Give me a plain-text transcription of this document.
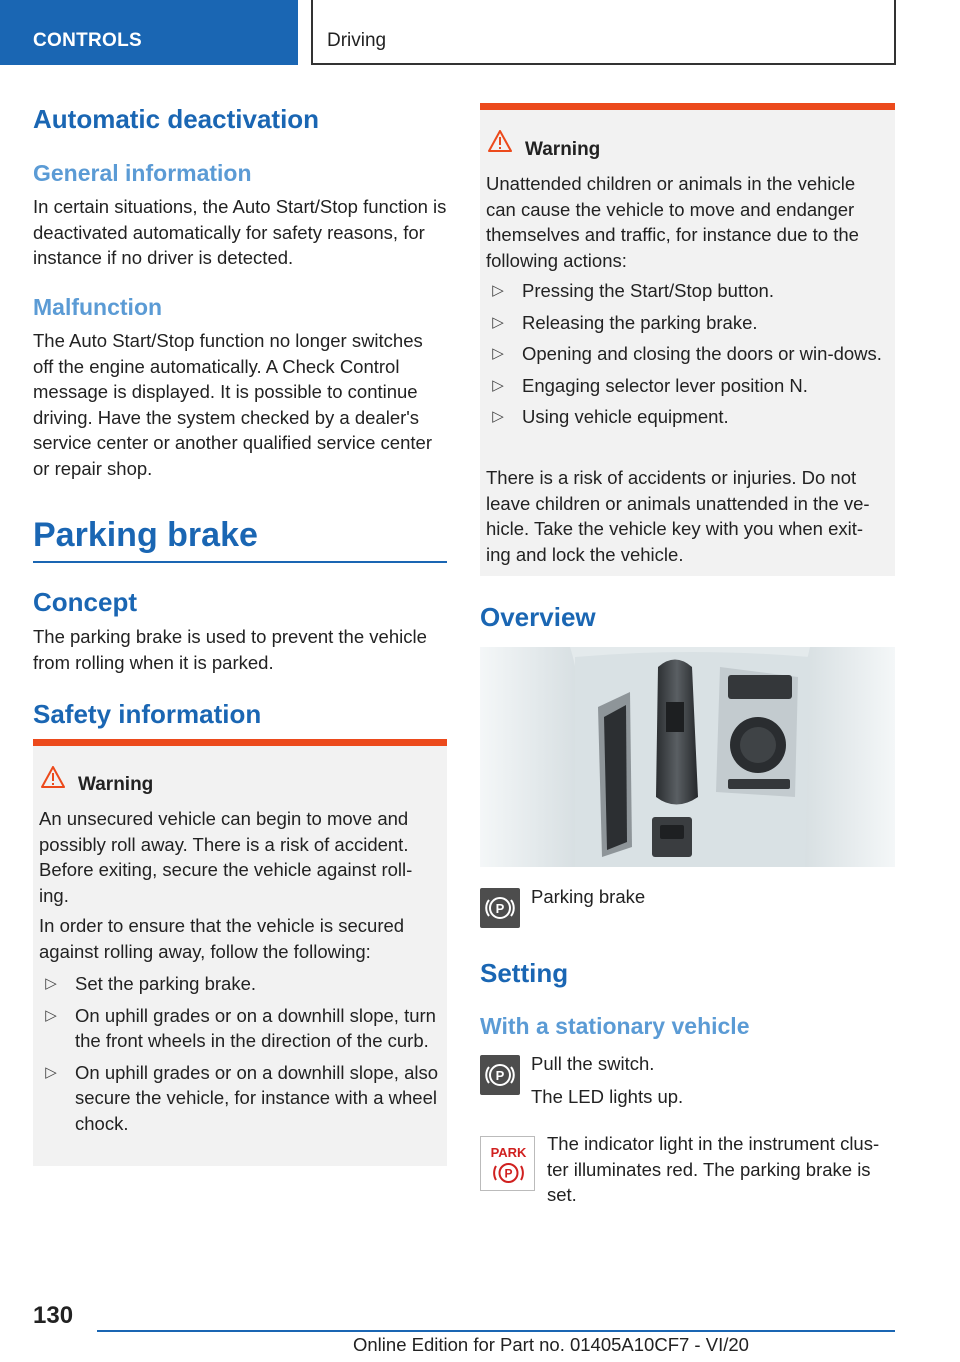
CONTROLS	Driving
Automatic deactivation
General information
In certain situations, the Auto Start/Stop function is deactivated automatically for safety reasons, for instance if no driver is detected.
Malfunction
The Auto Start/Stop function no longer switches off the engine automatically. A Check Control message is displayed. It is possible to continue driving. Have the system checked by a dealer's service center or another qualified service center or repair shop.
Parking brake
Concept
The parking brake is used to prevent the vehicle from rolling when it is parked.
Safety information
Warning
An unsecured vehicle can begin to move and possibly roll away. There is a risk of accident. Before exiting, secure the vehicle against roll‐ing.
In order to ensure that the vehicle is secured against rolling away, follow the following:
▷ Set the parking brake.
▷ On uphill grades or on a downhill slope, turn the front wheels in the direction of the curb.
▷ On uphill grades or on a downhill slope, also secure the vehicle, for instance with a wheel chock.
Warning
Unattended children or animals in the vehicle can cause the vehicle to move and endanger themselves and traffic, for instance due to the following actions:
▷ Pressing the Start/Stop button.
▷ Releasing the parking brake.
▷ Opening and closing the doors or win‐dows.
▷ Engaging selector lever position N.
▷ Using vehicle equipment.
There is a risk of accidents or injuries. Do not leave children or animals unattended in the ve‐hicle. Take the vehicle key with you when exit‐ing and lock the vehicle.
Overview
P
Parking brake
Setting
With a stationary vehicle
P
Pull the switch.
The LED lights up.
PARK
P
The indicator light in the instrument clus‐ter illuminates red. The parking brake is set.
130
Online Edition for Part no. 01405A10CF7 - VI/20
